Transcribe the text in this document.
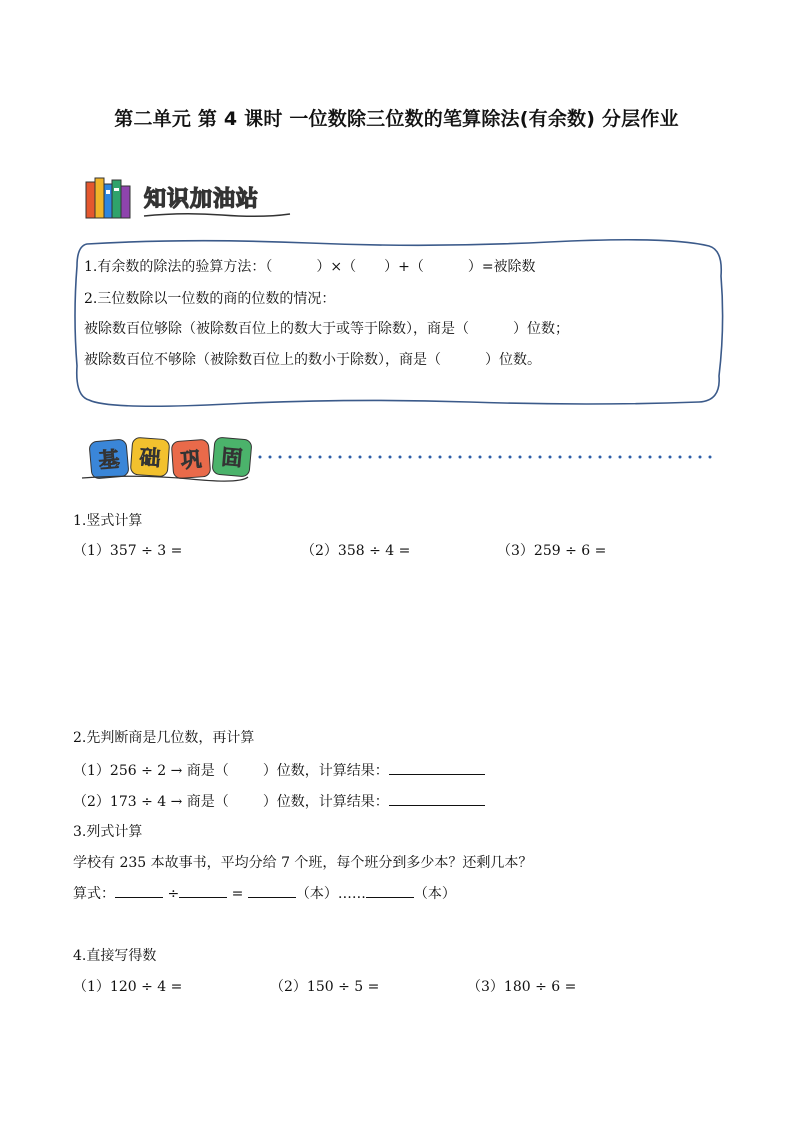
第二单元 第 4 课时 一位数除三位数的笔算除法(有余数) 分层作业
知识加油站
1.有余数的除法的验算方法：（	）×（ ）+（	）=被除数
2.三位数除以一位数的商的位数的情况：
被除数百位够除（被除数百位上的数大于或等于除数），商是（	）位数；
被除数百位不够除（被除数百位上的数小于除数），商是（	）位数。
基 础 巩 固
1.竖式计算
（1）357 ÷ 3 =	（2）358 ÷ 4 =	（3）259 ÷ 6 =
2.先判断商是几位数，再计算
（1）256 ÷ 2 → 商是（ ）位数，计算结果：
（2）173 ÷ 4 → 商是（ ）位数，计算结果：
3.列式计算
学校有 235 本故事书，平均分给 7 个班，每个班分到多少本？还剩几本？
算式：	÷	=	（本）……	（本）
4.直接写得数
（1）120 ÷ 4 =	（2）150 ÷ 5 =	（3）180 ÷ 6 =
